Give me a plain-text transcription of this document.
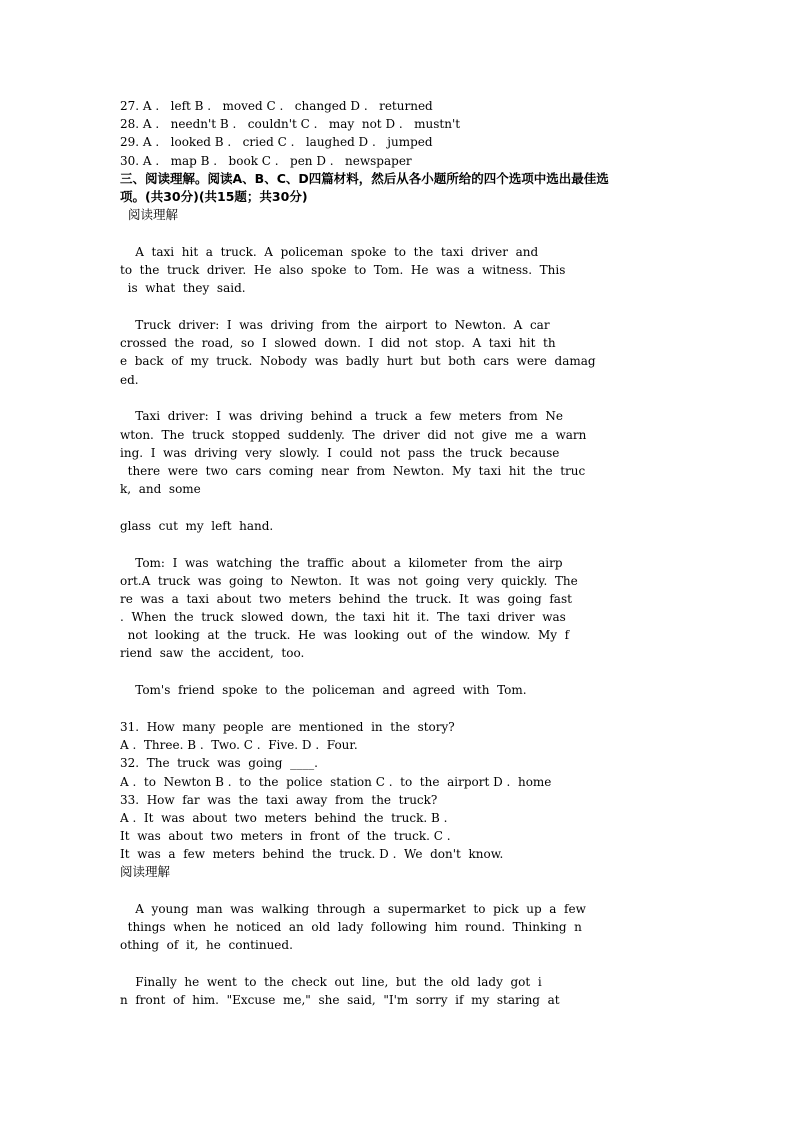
27. A .   left B .   moved C .   changed D .   returned
28. A .   needn't B .   couldn't C .   may  not D .   mustn't
29. A .   looked B .   cried C .   laughed D .   jumped
30. A .   map B .   book C .   pen D .   newspaper
三、阅读理解。阅读A、B、C、D四篇材料，然后从各小题所给的四个选项中选出最佳选
项。(共30分)(共15题；共30分)
阅读理解
A  taxi  hit  a  truck.  A  policeman  spoke  to  the  taxi  driver  and
to  the  truck  driver.  He  also  spoke  to  Tom.  He  was  a  witness.  This
is  what  they  said.
Truck  driver:  I  was  driving  from  the  airport  to  Newton.  A  car
crossed  the  road,  so  I  slowed  down.  I  did  not  stop.  A  taxi  hit  th
e  back  of  my  truck.  Nobody  was  badly  hurt  but  both  cars  were  damag
ed.
Taxi  driver:  I  was  driving  behind  a  truck  a  few  meters  from  Ne
wton.  The  truck  stopped  suddenly.  The  driver  did  not  give  me  a  warn
ing.  I  was  driving  very  slowly.  I  could  not  pass  the  truck  because
there  were  two  cars  coming  near  from  Newton.  My  taxi  hit  the  truc
k,  and  some
glass  cut  my  left  hand.
Tom:  I  was  watching  the  traffic  about  a  kilometer  from  the  airp
ort.A  truck  was  going  to  Newton.  It  was  not  going  very  quickly.  The
re  was  a  taxi  about  two  meters  behind  the  truck.  It  was  going  fast
.  When  the  truck  slowed  down,  the  taxi  hit  it.  The  taxi  driver  was
not  looking  at  the  truck.  He  was  looking  out  of  the  window.  My  f
riend  saw  the  accident,  too.
Tom's  friend  spoke  to  the  policeman  and  agreed  with  Tom.
31.  How  many  people  are  mentioned  in  the  story?
A .  Three. B .  Two. C .  Five. D .  Four.
32.  The  truck  was  going  ____.
A .  to  Newton B .  to  the  police  station C .  to  the  airport D .  home
33.  How  far  was  the  taxi  away  from  the  truck?
A .  It  was  about  two  meters  behind  the  truck. B .
It  was  about  two  meters  in  front  of  the  truck. C .
It  was  a  few  meters  behind  the  truck. D .  We  don't  know.
阅读理解
A  young  man  was  walking  through  a  supermarket  to  pick  up  a  few
things  when  he  noticed  an  old  lady  following  him  round.  Thinking  n
othing  of  it,  he  continued.
Finally  he  went  to  the  check  out  line,  but  the  old  lady  got  i
n  front  of  him.  "Excuse  me,"  she  said,  "I'm  sorry  if  my  staring  at
